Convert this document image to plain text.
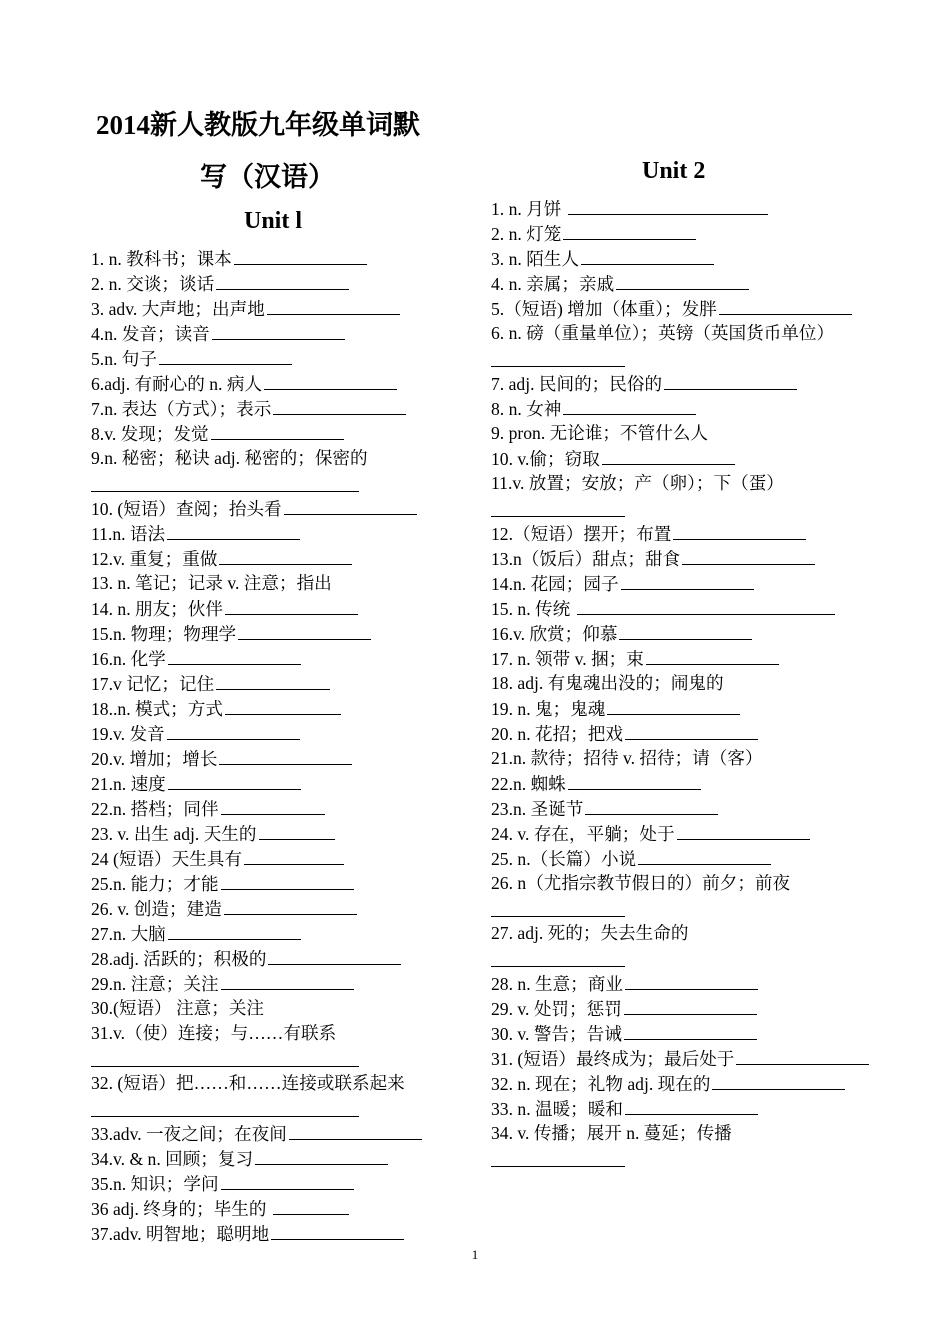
2014新人教版九年级单词默
写（汉语）
Unit l
Unit 2
1. n. 教科书；课本
2. n. 交谈；谈话
3. adv. 大声地；出声地
4.n. 发音；读音
5.n. 句子
6.adj. 有耐心的 n. 病人
7.n. 表达（方式）；表示
8.v. 发现；发觉
9.n. 秘密；秘诀 adj. 秘密的；保密的
10. (短语）查阅；抬头看
11.n. 语法
12.v. 重复；重做
13. n. 笔记；记录 v. 注意；指出
14. n. 朋友；伙伴
15.n. 物理；物理学
16.n. 化学
17.v 记忆；记住
18..n. 模式；方式
19.v. 发音
20.v. 增加；增长
21.n. 速度
22.n. 搭档；同伴
23. v. 出生 adj. 天生的
24 (短语）天生具有
25.n. 能力；才能
26. v. 创造；建造
27.n. 大脑
28.adj. 活跃的；积极的
29.n. 注意；关注
30.(短语） 注意；关注
31.v.（使）连接；与……有联系
32. (短语）把……和……连接或联系起来
33.adv. 一夜之间；在夜间
34.v. & n. 回顾；复习
35.n. 知识；学问
36 adj. 终身的；毕生的
37.adv. 明智地；聪明地
1. n. 月饼
2. n. 灯笼
3. n. 陌生人
4. n. 亲属；亲戚
5.（短语) 增加（体重）；发胖
6. n. 磅（重量单位）；英镑（英国货币单位）
7. adj. 民间的；民俗的
8. n. 女神
9. pron. 无论谁；不管什么人
10. v.偷；窃取
11.v. 放置；安放；产（卵）；下（蛋）
12.（短语）摆开；布置
13.n（饭后）甜点；甜食
14.n. 花园；园子
15. n. 传统
16.v. 欣赏；仰慕
17. n. 领带 v. 捆；束
18. adj. 有鬼魂出没的；闹鬼的
19. n. 鬼；鬼魂
20. n. 花招；把戏
21.n. 款待；招待 v. 招待；请（客）
22.n. 蜘蛛
23.n. 圣诞节
24. v. 存在，平躺；处于
25. n.（长篇）小说
26. n（尤指宗教节假日的）前夕；前夜
27. adj. 死的；失去生命的
28. n. 生意；商业
29. v. 处罚；惩罚
30. v. 警告；告诫
31. (短语）最终成为；最后处于
32. n. 现在；礼物 adj. 现在的
33. n. 温暖；暖和
34. v. 传播；展开 n. 蔓延；传播
1
